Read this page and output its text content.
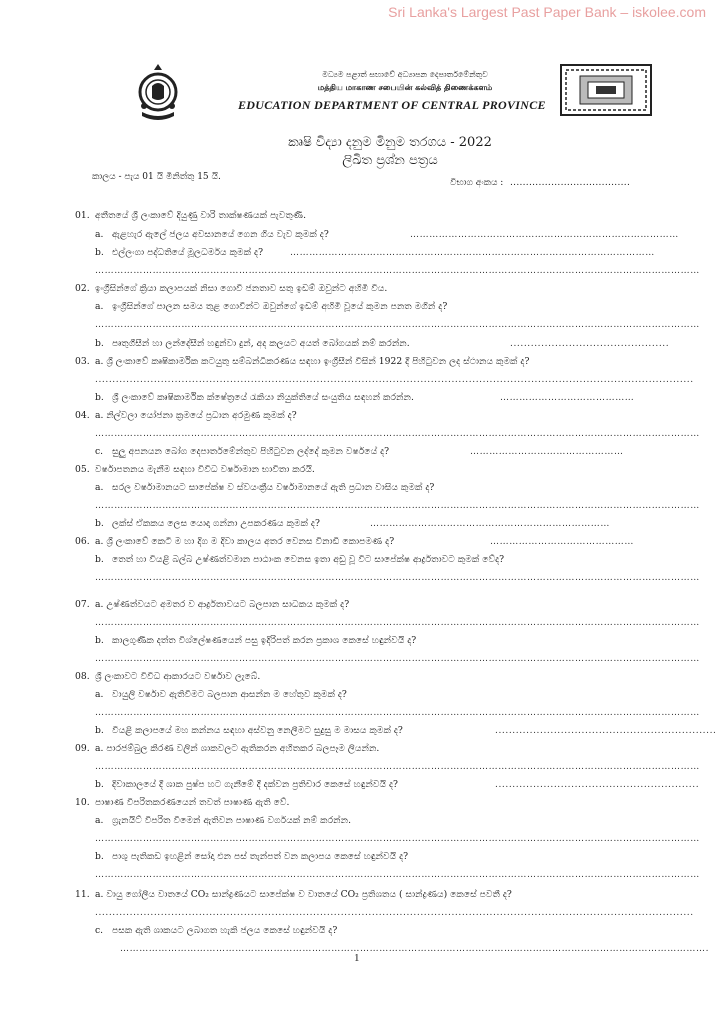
Sri Lanka's Largest Past Paper Bank – iskolee.com
මධ්‍යම පළාත් සභාවේ අධ්‍යාපන දෙපාර්තමේන්තුව
மத்திய மாகாண சபையின் கல்வித் திணைக்களம்
EDUCATION DEPARTMENT OF CENTRAL PROVINCE
කෘෂි විද්‍යා දනුම මිනුම තරගය - 2022
ලිඛිත ප්‍රශ්න පත්‍රය
කාලය - පැය 01 යි මිනිත්තු 15 යි.
විභාග අංකය : ......................................
01. අතීතයේ ශ්‍රී ලංකාවේ දියුණු වාරි තාක්ෂණයක් පැවතුණි.
a. ඇළහැර ඇලේ ජලය අවසානයේ ගෙන ගිය වැව කුමක් ද?	…………………………………………………………………………
b. එල්ලංගා පද්ධතියේ මූලධර්මය කුමක් ද?	……………………………………………………………………………………………………
………………………………………………………………………………………………………………………………………………………………………
02. ඉංග්‍රීසින්ගේ ක්‍රියා කලාපයක් නිසා ගොවි ජනතාව සතු ඉඩම් ඔවුන්ට අහිමි විය.
a. ඉංග්‍රීසින්ගේ පාලන සමය තුළ ගොවීන්ට ඔවුන්ගේ ඉඩම් අහිමි වූයේ කුමන පනත මගින් ද?
………………………………………………………………………………………………………………………………………………………………………
b. පෘතුගීසීන් හා ලන්දේසීන් හඳුන්වා දුන්, අද කලයට අයත් බෝගයක් නම් කරන්න.	..............................................
03. a. ශ්‍රී ලංකාවේ කෘෂිකාර්මික කටයුතු සම්බන්ධීකරණය සඳහා ඉංග්‍රීසීන් විසින් 1922 දී පිහිටුවන ලද ස්ථානය කුමක් ද?
.............................................................................................................................................................................
b. ශ්‍රී ලංකාවේ කෘෂිකාර්මික ක්ෂේත්‍රයේ රැකියා නියුක්තියේ සංයුතිය සඳහන් කරන්න.	……………………………………
04. a. නිල්වලා යෝජනා ක්‍රමයේ ප්‍රධාන අරමුණ කුමක් ද?
………………………………………………………………………………………………………………………………………………………………………
c. සුලු අපනයන බෝග දෙපාර්තමේන්තුව පිහිටුවන ලද්දේ කුමන වර්ෂයේ ද?	…………………………………………
05. වර්ෂාපතනය මැනීම සඳහා විවිධ වර්ෂාමාන භාවිතා කරයි.
a. සරල වර්ෂාමානයට සාපේක්ෂ ව ස්වයංක්‍රීය වර්ෂාමානයේ ඇති ප්‍රධාන වාසිය කුමක් ද?
………………………………………………………………………………………………………………………………………………………………………
b. ලක්ස් ඒකකය ලෙස යොදා ගන්නා උපකරණය කුමක් ද?	…………………………………………………………………
06. a. ශ්‍රී ලංකාවේ කෙටි ම හා දිග ම දිවා කාලය අතර වෙනස විනාඩි කොපමණ ද?	………………………………………
b. තෙත් හා වියළි බල්බ උෂ්ණත්වමාන පාඨාංක වෙනස ඉතා අඩු වූ විට සාපේක්ෂ ආර්ද්‍රතාවට කුමක් වේද?
………………………………………………………………………………………………………………………………………………………………………
07. a. උෂ්ණත්වයට අමතර ව ආර්ද්‍රතාවයට බලපාන සාධකය කුමක් ද?
………………………………………………………………………………………………………………………………………………………………………
b. කාලගුණික දත්ත විශ්ලේෂණයෙන් පසු ඉදිරිපත් කරන ප්‍රකාශ කෙසේ හඳුන්වයි ද?
………………………………………………………………………………………………………………………………………………………………………
08. ශ්‍රී ලංකාවට විවිධ ආකාරයට වර්ෂාව ලැබේ.
a. වායුලි වර්ෂාව ඇතිවීමට බලපාන ආසන්න ම හේතුව කුමක් ද?
………………………………………………………………………………………………………………………………………………………………………
b. වියළි කලාපයේ මහ කන්නය සඳහා අස්වනු නෙලීමට සුදුසු ම මාසය කුමක් ද?	................................................................
09. a. පාරජම්බුල කිරණ වලින් ශාකවලට ඇතිකරන අහිතකර බලපෑම ලියන්න.
………………………………………………………………………………………………………………………………………………………………………
b. දිවාකාලයේ දී ශාක පුෂ්ප හට ගැනීමේ දී දක්වන ප්‍රතිචාර කෙසේ හඳුන්වයි ද?	...........................................................
10. පාෂාණ විපරිතකරණයෙන් තවත් පාෂාණ ඇති වේ.
a. ග්‍රැනයිට් විපරිත වීමෙන් ඇතිවන පාෂාණ වර්ගයක් නම් කරන්න.
………………………………………………………………………………………………………………………………………………………………………
b. පාශු පැතිකඩ ඉහළින් සෝදා එන පස් තැන්පත් වන කලාපය කෙසේ හඳුන්වයි ද?
………………………………………………………………………………………………………………………………………………………………………
11. a. වායු ගෝලීය වාතයේ CO₂ සාන්ද්‍රණයට සාපේක්ෂ ව වාතයේ CO₂ ප්‍රතිශතය ( සාන්ද්‍රණය) කෙසේ පවතී ද?
.............................................................................................................................................................................
c. පසක ඇති ශාකයට ලබාගත හැකි ජලය කෙසේ හඳුන්වයි ද?
………………………………………………………………………………………………………………………………………………………………….
1
